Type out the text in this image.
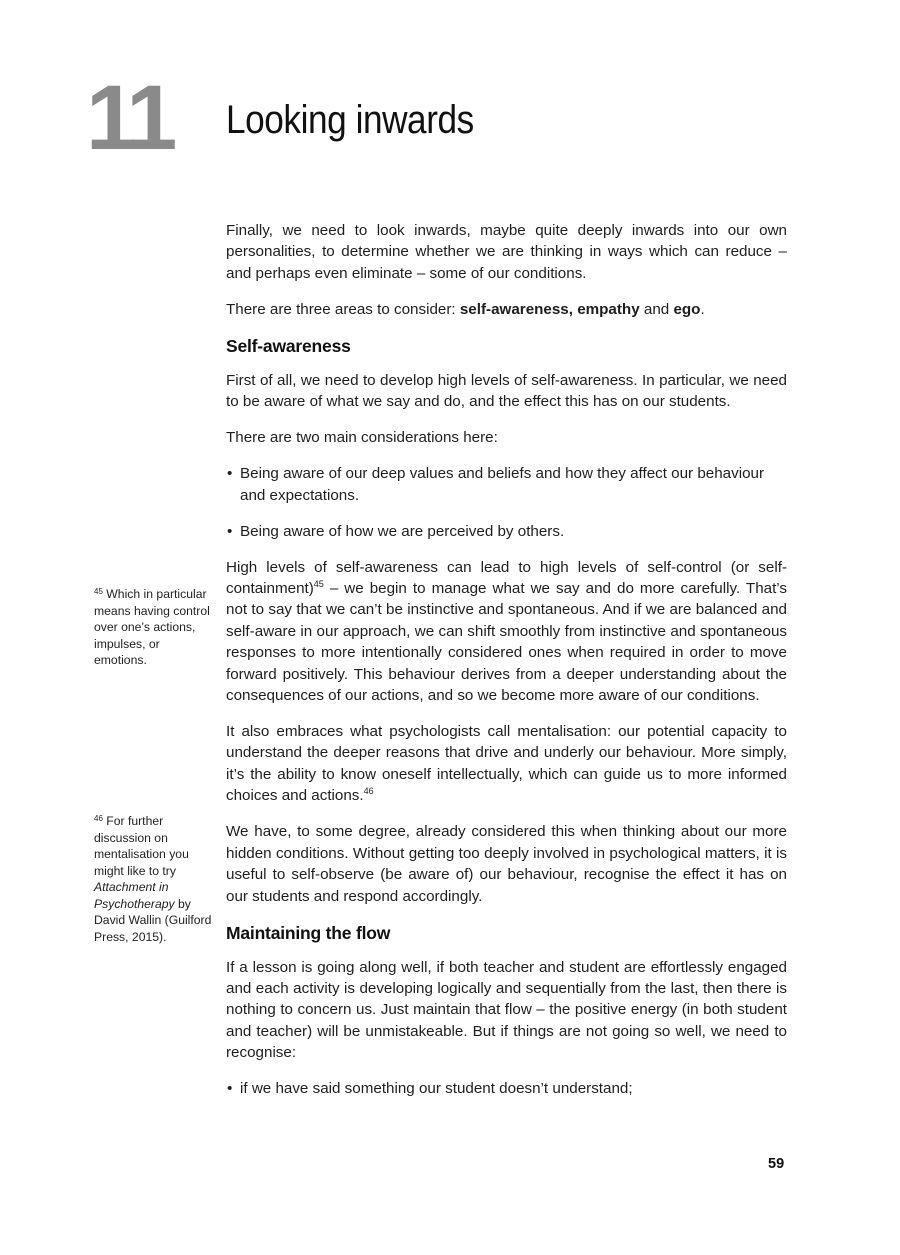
11 Looking inwards

Finally, we need to look inwards, maybe quite deeply inwards into our own personalities, to determine whether we are thinking in ways which can reduce – and perhaps even eliminate – some of our conditions.

There are three areas to consider: self-awareness, empathy and ego.

Self-awareness

First of all, we need to develop high levels of self-awareness. In particular, we need to be aware of what we say and do, and the effect this has on our students.

There are two main considerations here:

• Being aware of our deep values and beliefs and how they affect our behaviour and expectations.
• Being aware of how we are perceived by others.

High levels of self-awareness can lead to high levels of self-control (or self-containment)$^{45}$ – we begin to manage what we say and do more carefully. That’s not to say that we can’t be instinctive and spontaneous. And if we are balanced and self-aware in our approach, we can shift smoothly from instinctive and spontaneous responses to more intentionally considered ones when required in order to move forward positively. This behaviour derives from a deeper understanding about the consequences of our actions, and so we become more aware of our conditions.

It also embraces what psychologists call mentalisation: our potential capacity to understand the deeper reasons that drive and underly our behaviour. More simply, it’s the ability to know oneself intellectually, which can guide us to more informed choices and actions.$^{46}$

We have, to some degree, already considered this when thinking about our more hidden conditions. Without getting too deeply involved in psychological matters, it is useful to self-observe (be aware of) our behaviour, recognise the effect it has on our students and respond accordingly.

Maintaining the flow

If a lesson is going along well, if both teacher and student are effortlessly engaged and each activity is developing logically and sequentially from the last, then there is nothing to concern us. Just maintain that flow – the positive energy (in both student and teacher) will be unmistakeable. But if things are not going so well, we need to recognise:

• if we have said something our student doesn’t understand;
$^{45}$ Which in particular means having control over one’s actions, impulses, or emotions.
$^{46}$ For further discussion on mentalisation you might like to try Attachment in Psychotherapy by David Wallin (Guilford Press, 2015).
59
